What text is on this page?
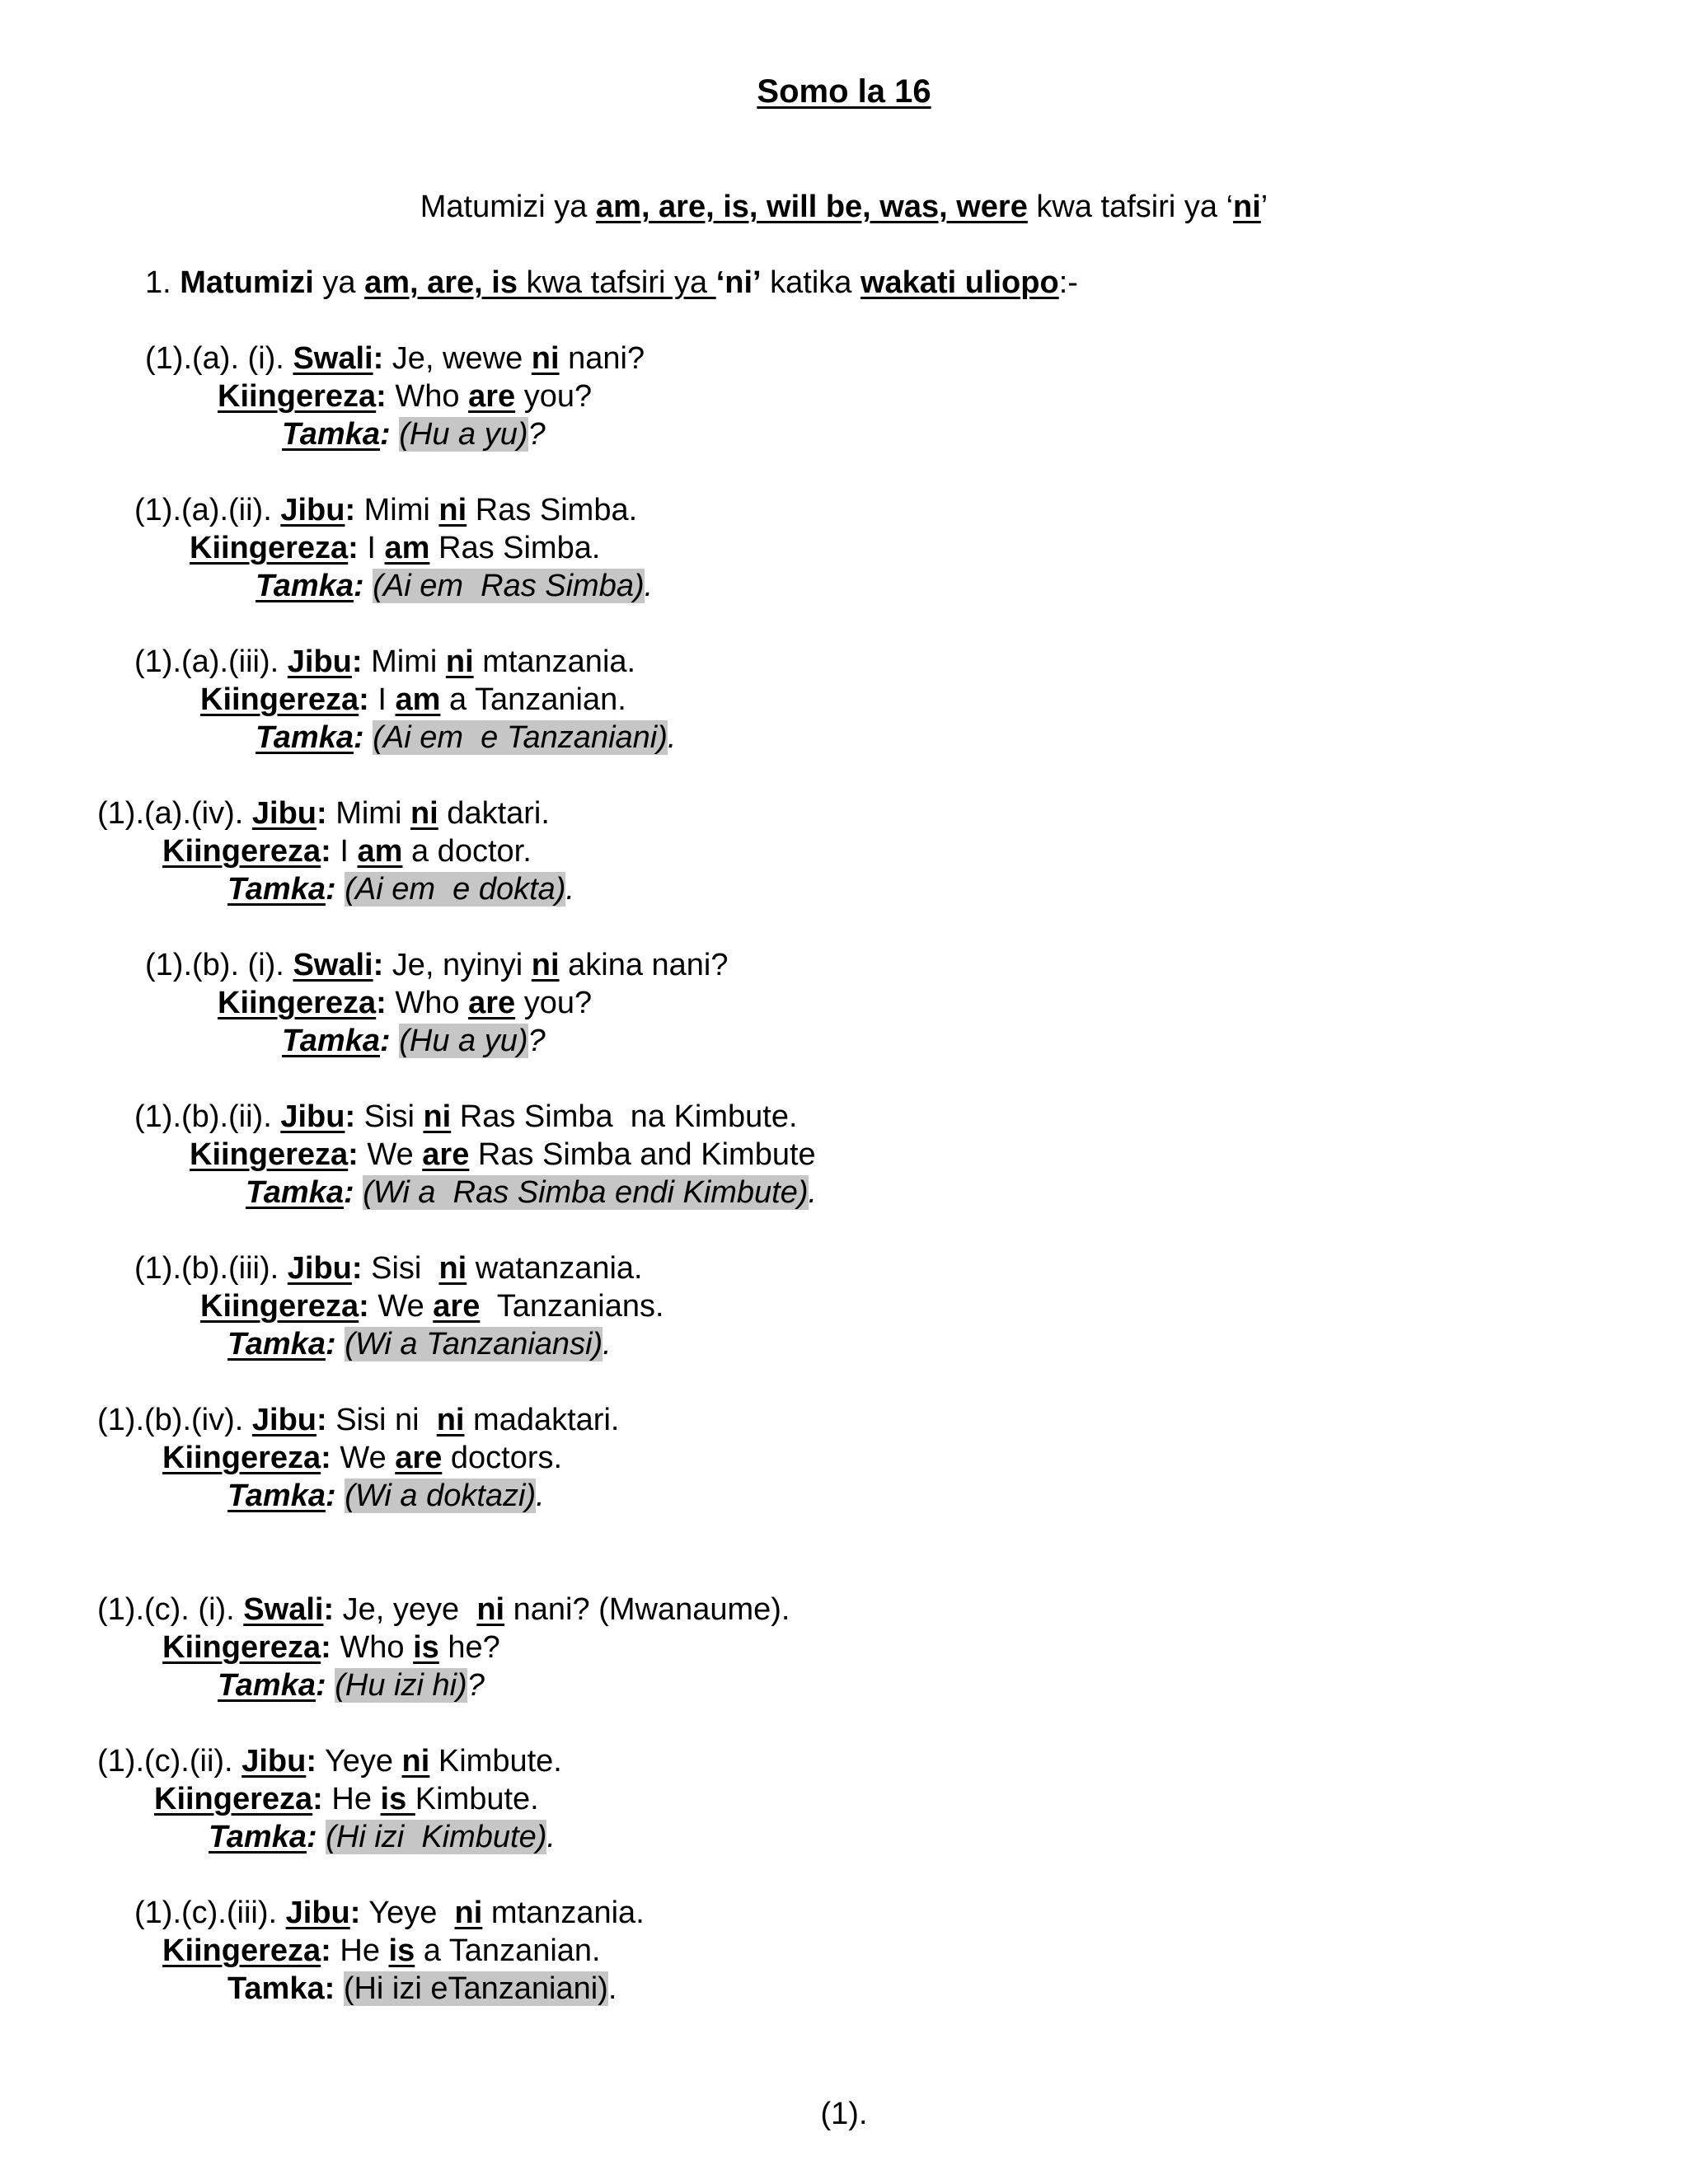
Somo la 16
Matumizi ya am, are, is, will be, was, were kwa tafsiri ya ‘ni’
1. Matumizi ya am, are, is kwa tafsiri ya ‘ni’ katika wakati uliopo:-
(1).(a). (i). Swali: Je, wewe ni nani?
Kiingereza: Who are you?
Tamka: (Hu a yu)?
(1).(a).(ii). Jibu: Mimi ni Ras Simba.
Kiingereza: I am Ras Simba.
Tamka: (Ai em  Ras Simba).
(1).(a).(iii). Jibu: Mimi ni mtanzania.
Kiingereza: I am a Tanzanian.
Tamka: (Ai em  e Tanzaniani).
(1).(a).(iv). Jibu: Mimi ni daktari.
Kiingereza: I am a doctor.
Tamka: (Ai em  e dokta).
(1).(b). (i). Swali: Je, nyinyi ni akina nani?
Kiingereza: Who are you?
Tamka: (Hu a yu)?
(1).(b).(ii). Jibu: Sisi ni Ras Simba  na Kimbute.
Kiingereza: We are Ras Simba and Kimbute
Tamka: (Wi a  Ras Simba endi Kimbute).
(1).(b).(iii). Jibu: Sisi  ni watanzania.
Kiingereza: We are  Tanzanians.
Tamka: (Wi a Tanzaniansi).
(1).(b).(iv). Jibu: Sisi ni  ni madaktari.
Kiingereza: We are doctors.
Tamka: (Wi a doktazi).
(1).(c). (i). Swali: Je, yeye  ni nani? (Mwanaume).
Kiingereza: Who is he?
Tamka: (Hu izi hi)?
(1).(c).(ii). Jibu: Yeye ni Kimbute.
Kiingereza: He is Kimbute.
Tamka: (Hi izi  Kimbute).
(1).(c).(iii). Jibu: Yeye  ni mtanzania.
Kiingereza: He is a Tanzanian.
Tamka: (Hi izi eTanzaniani).
(1).
